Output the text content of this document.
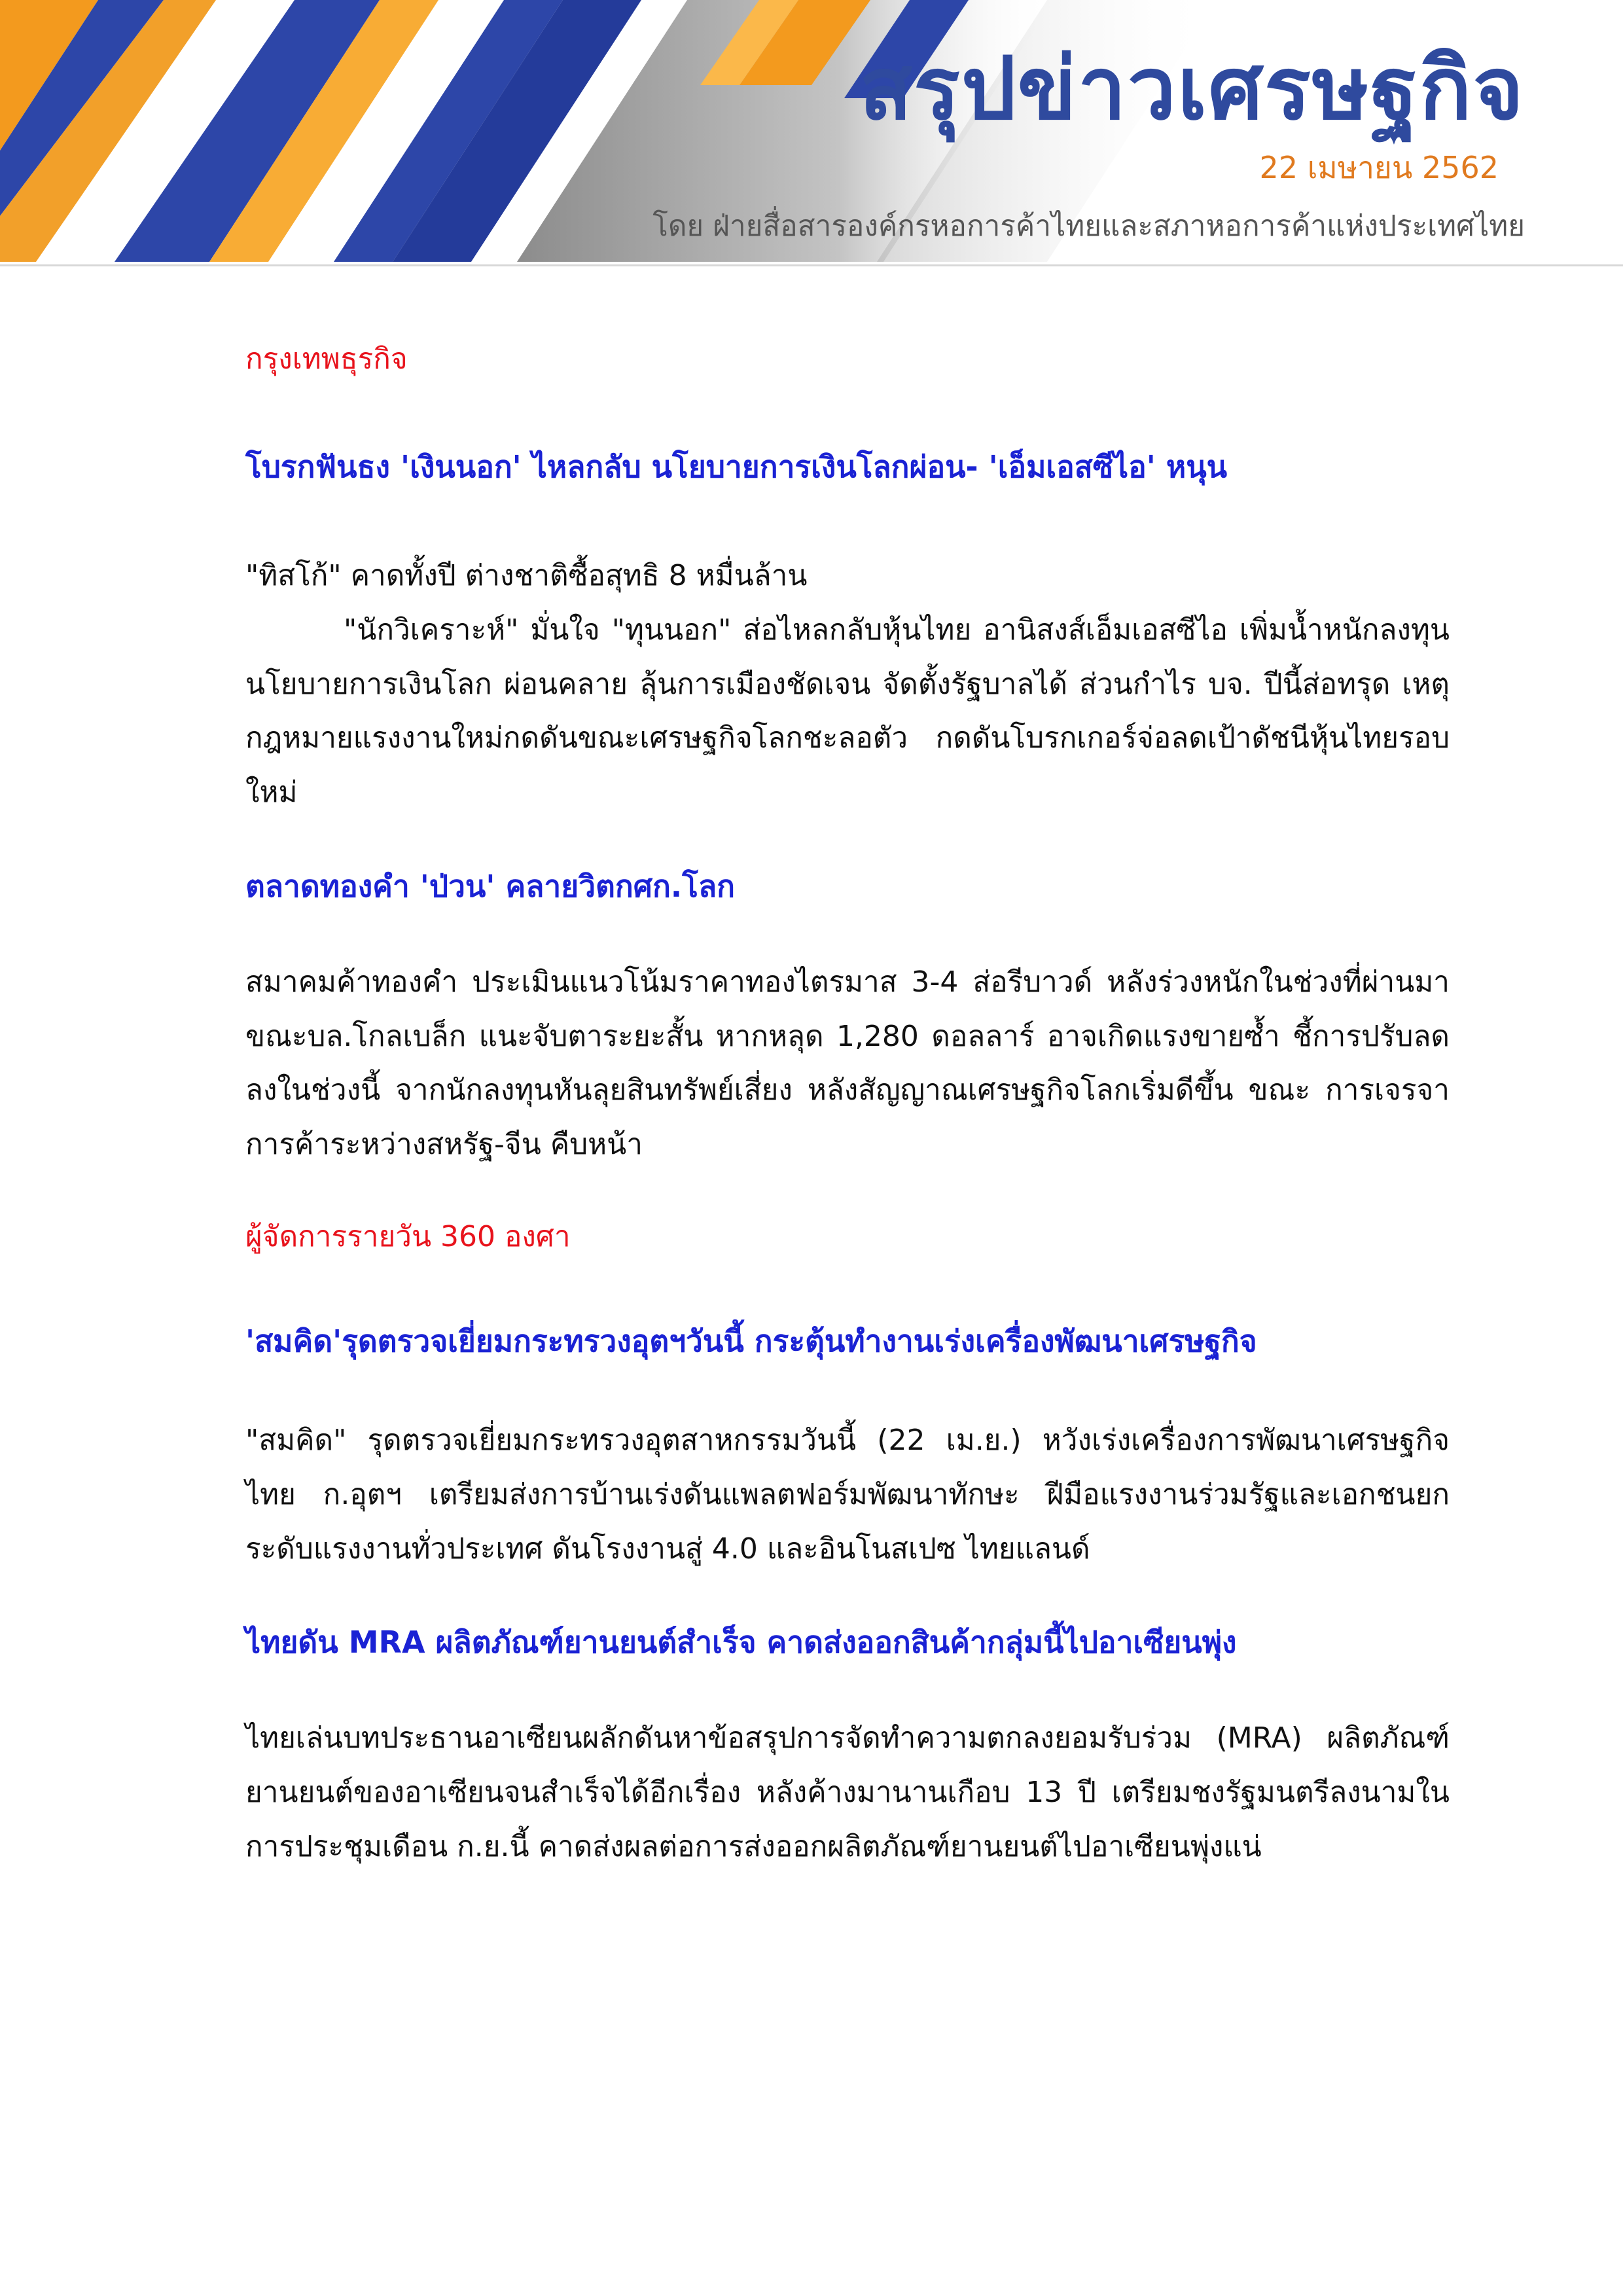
สรุปข่าวเศรษฐกิจ
22 เมษายน 2562
โดย ฝ่ายสื่อสารองค์กรหอการค้าไทยและสภาหอการค้าแห่งประเทศไทย

กรุงเทพธุรกิจ

โบรกฟันธง 'เงินนอก' ไหลกลับ นโยบายการเงินโลกผ่อน- 'เอ็มเอสซีไอ' หนุน

"ทิสโก้" คาดทั้งปี ต่างชาติซื้อสุทธิ 8 หมื่นล้าน

"นักวิเคราะห์" มั่นใจ "ทุนนอก" ส่อไหลกลับหุ้นไทย อานิสงส์เอ็มเอสซีไอ เพิ่มน้ำหนักลงทุน นโยบายการเงินโลก ผ่อนคลาย ลุ้นการเมืองชัดเจน จัดตั้งรัฐบาลได้ ส่วนกำไร บจ. ปีนี้ส่อทรุด เหตุ กฎหมายแรงงานใหม่กดดันขณะเศรษฐกิจโลกชะลอตัว กดดันโบรกเกอร์จ่อลดเป้าดัชนีหุ้นไทยรอบใหม่

ตลาดทองคำ 'ป่วน' คลายวิตกศก.โลก

สมาคมค้าทองคำ ประเมินแนวโน้มราคาทองไตรมาส 3-4 ส่อรีบาวด์ หลังร่วงหนักในช่วงที่ผ่านมา ขณะบล.โกลเบล็ก แนะจับตาระยะสั้น หากหลุด 1,280 ดอลลาร์ อาจเกิดแรงขายซ้ำ ชี้การปรับลดลงในช่วงนี้ จากนักลงทุนหันลุยสินทรัพย์เสี่ยง หลังสัญญาณเศรษฐกิจโลกเริ่มดีขึ้น ขณะ การเจรจาการค้าระหว่างสหรัฐ-จีน คืบหน้า

ผู้จัดการรายวัน 360 องศา

'สมคิด'รุดตรวจเยี่ยมกระทรวงอุตฯวันนี้ กระตุ้นทำงานเร่งเครื่องพัฒนาเศรษฐกิจ

"สมคิด" รุดตรวจเยี่ยมกระทรวงอุตสาหกรรมวันนี้ (22 เม.ย.) หวังเร่งเครื่องการพัฒนาเศรษฐกิจไทย ก.อุตฯ เตรียมส่งการบ้านเร่งดันแพลตฟอร์มพัฒนาทักษะ ฝีมือแรงงานร่วมรัฐและเอกชนยกระดับแรงงานทั่วประเทศ ดันโรงงานสู่ 4.0 และอินโนสเปซ ไทยแลนด์

ไทยดัน MRA ผลิตภัณฑ์ยานยนต์สำเร็จ คาดส่งออกสินค้ากลุ่มนี้ไปอาเซียนพุ่ง

ไทยเล่นบทประธานอาเซียนผลักดันหาข้อสรุปการจัดทำความตกลงยอมรับร่วม (MRA) ผลิตภัณฑ์ยานยนต์ของอาเซียนจนสำเร็จได้อีกเรื่อง หลังค้างมานานเกือบ 13 ปี เตรียมชงรัฐมนตรีลงนามในการประชุมเดือน ก.ย.นี้ คาดส่งผลต่อการส่งออกผลิตภัณฑ์ยานยนต์ไปอาเซียนพุ่งแน่
